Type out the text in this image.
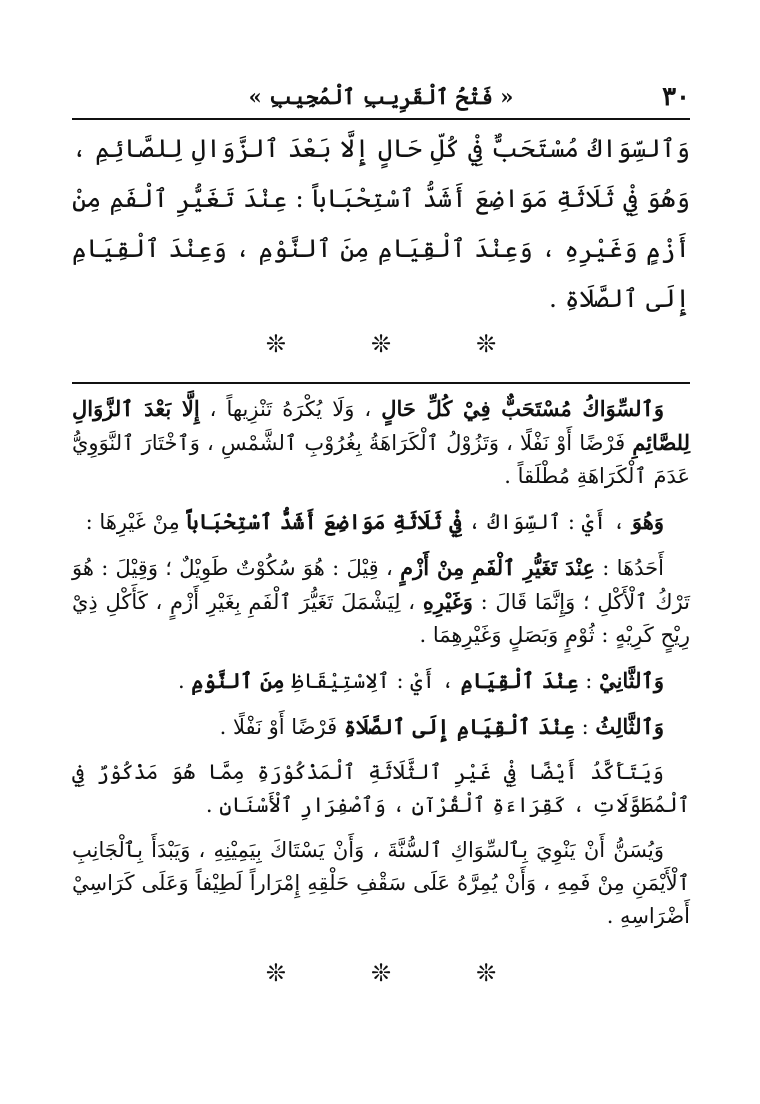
٣٠
« فَتْحُ ٱلْقَرِيبِ ٱلْمُجِيبِ »

وَٱلسِّوَاكُ مُسْتَحَبٌّ فِيْ كُلِّ حَالٍ إِلَّا بَعْدَ ٱلزَّوَالِ لِلصَّائِمِ ، وَهُوَ فِيْ ثَلَاثَةِ مَوَاضِعَ أَشَدُّ ٱسْتِحْبَاباً : عِنْدَ تَغَيُّرِ ٱلْفَمِ مِنْ أَزْمٍ وَغَيْرِهِ ، وَعِنْدَ ٱلْقِيَامِ مِنَ ٱلنَّوْمِ ، وَعِنْدَ ٱلْقِيَامِ إِلَى ٱلصَّلَاةِ .

❊
❊
❊

وَٱلسِّوَاكُ مُسْتَحَبٌّ فِيْ كُلِّ حَالٍ ، وَلَا يُكْرَهُ تَنْزِيهاً ، إِلَّا بَعْدَ ٱلزَّوَالِ لِلصَّائِمِ فَرْضًا أَوْ نَفْلًا ، وَتَزُوْلُ ٱلْكَرَاهَةُ بِغُرُوْبِ ٱلشَّمْسِ ، وَٱخْتَارَ ٱلنَّوَوِيُّ عَدَمَ ٱلْكَرَاهَةِ مُطْلَقاً .

وَهُوَ ، أَيْ : ٱلسِّوَاكُ ، فِيْ ثَلَاثَةِ مَوَاضِعَ أَشَدُّ ٱسْتِحْبَاباً مِنْ غَيْرِهَا :

أَحَدُهَا : عِنْدَ تَغَيُّرِ ٱلْفَمِ مِنْ أَزْمٍ ، قِيْلَ : هُوَ سُكُوْتٌ طَوِيْلٌ ؛ وَقِيْلَ : هُوَ تَرْكُ ٱلْأَكْلِ ؛ وَإِنَّمَا قَالَ : وَغَيْرِهِ ، لِيَشْمَلَ تَغَيُّرَ ٱلْفَمِ بِغَيْرِ أَزْمٍ ، كَأَكْلِ ذِيْ رِيْحٍ كَرِيْهٍ : ثُوْمٍ وَبَصَلٍ وَغَيْرِهِمَا .

وَٱلثَّانِيْ : عِنْدَ ٱلْقِيَامِ ، أَيْ : ٱلِاسْتِيْقَاظِ مِنَ ٱلنَّوْمِ .

وَٱلثَّالِثُ : عِنْدَ ٱلْقِيَامِ إِلَى ٱلصَّلَاةِ فَرْضًا أَوْ نَفْلًا .

وَيَتَأَكَّدُ أَيْضًا فِيْ غَيْرِ ٱلثَّلَاثَةِ ٱلْمَذْكُوْرَةِ مِمَّا هُوَ مَذْكُوْرٌ فِي ٱلْمُطَوَّلَاتِ ، كَقِرَاءَةِ ٱلْقُرْآنِ ، وَٱصْفِرَارِ ٱلْأَسْنَانِ .

وَيُسَنُّ أَنْ يَنْوِيَ بِٱلسِّوَاكِ ٱلسُّنَّةَ ، وَأَنْ يَسْتَاكَ بِيَمِيْنِهِ ، وَيَبْدَأَ بِٱلْجَانِبِ ٱلْأَيْمَنِ مِنْ فَمِهِ ، وَأَنْ يُمِرَّهُ عَلَى سَقْفِ حَلْقِهِ إِمْرَاراً لَطِيْفاً وَعَلَى كَرَاسِيْ أَضْرَاسِهِ .

❊
❊
❊
